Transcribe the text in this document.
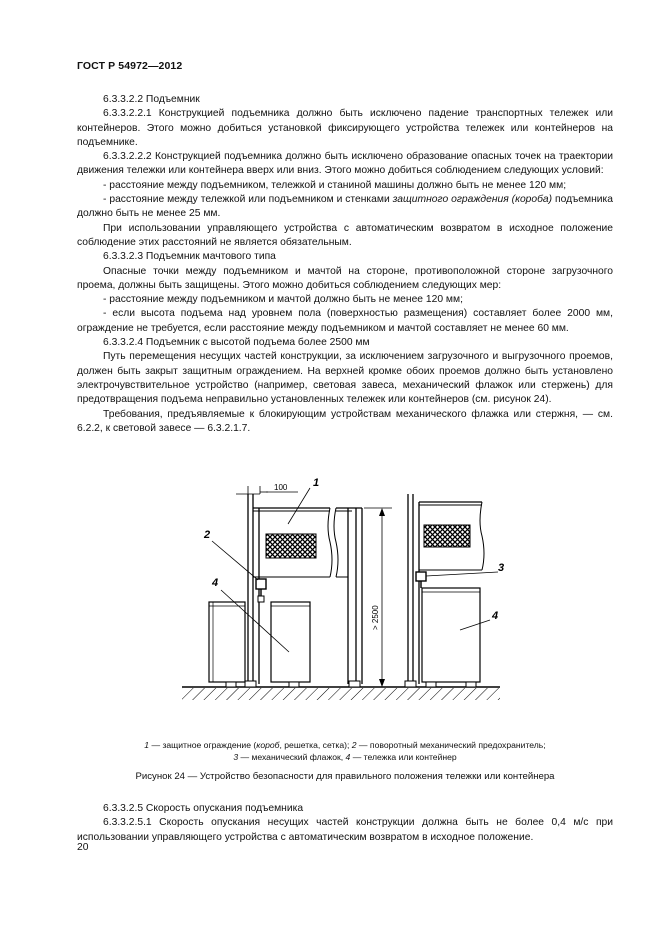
ГОСТ Р 54972—2012

6.3.3.2.2 Подъемник

6.3.3.2.2.1 Конструкцией подъемника должно быть исключено падение транспортных тележек или контейнеров. Этого можно добиться установкой фиксирующего устройства тележек или контейнеров на подъемнике.

6.3.3.2.2.2 Конструкцией подъемника должно быть исключено образование опасных точек на траектории движения тележки или контейнера вверх или вниз. Этого можно добиться соблюдением следующих условий:

- расстояние между подъемником, тележкой и станиной машины должно быть не менее 120 мм;

- расстояние между тележкой или подъемником и стенками защитного ограждения (короба) подъемника должно быть не менее 25 мм.

При использовании управляющего устройства с автоматическим возвратом в исходное положение соблюдение этих расстояний не является обязательным.

6.3.3.2.3 Подъемник мачтового типа

Опасные точки между подъемником и мачтой на стороне, противоположной стороне загрузочного проема, должны быть защищены. Этого можно добиться соблюдением следующих мер:

- расстояние между подъемником и мачтой должно быть не менее 120 мм;

- если высота подъема над уровнем пола (поверхностью размещения) составляет более 2000 мм, ограждение не требуется, если расстояние между подъемником и мачтой составляет не менее 60 мм.

6.3.3.2.4 Подъемник с высотой подъема более 2500 мм

Путь перемещения несущих частей конструкции, за исключением загрузочного и выгрузочного проемов, должен быть закрыт защитным ограждением. На верхней кромке обоих проемов должно быть установлено электрочувствительное устройство (например, световая завеса, механический флажок или стержень) для предотвращения подъема неправильно установленных тележек или контейнеров (см. рисунок 24).

Требования, предъявляемые к блокирующим устройствам механического флажка или стержня, — см. 6.2.2, к световой завесе — 6.3.2.1.7.

100 1
2
4
> 2500
3
4
1 — защитное ограждение (короб, решетка, сетка); 2 — поворотный механический предохранитель;
3 — механический флажок, 4 — тележка или контейнер
Рисунок 24 — Устройство безопасности для правильного положения тележки или контейнера

6.3.3.2.5 Скорость опускания подъемника

6.3.3.2.5.1 Скорость опускания несущих частей конструкции должна быть не более 0,4 м/с при использовании управляющего устройства с автоматическим возвратом в исходное положение.

20
